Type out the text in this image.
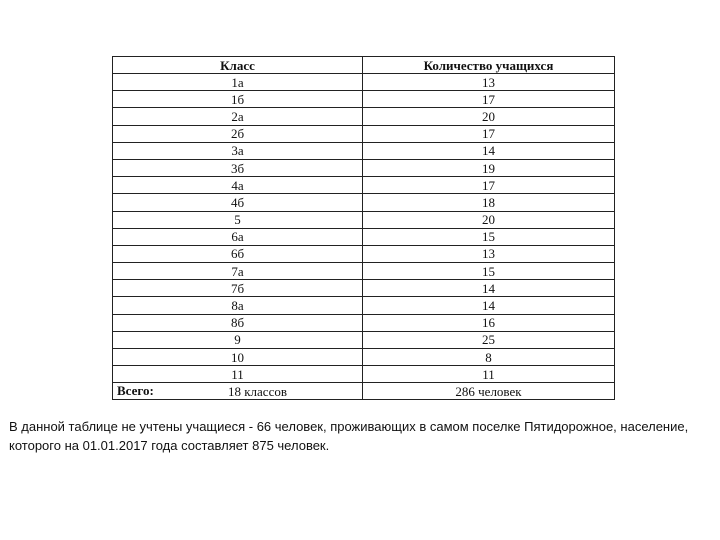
Класс	Количество учащихся
1а	13
1б	17
2а	20
2б	17
3а	14
3б	19
4а	17
4б	18
5	20
6а	15
6б	13
7а	15
7б	14
8а	14
8б	16
9	25
10	8
11	11

Всего: 18 классов	286 человек
В данной таблице не учтены учащиеся - 66 человек, проживающих в самом поселке Пятидорожное, население, которого на 01.01.2017 года составляет 875 человек.
